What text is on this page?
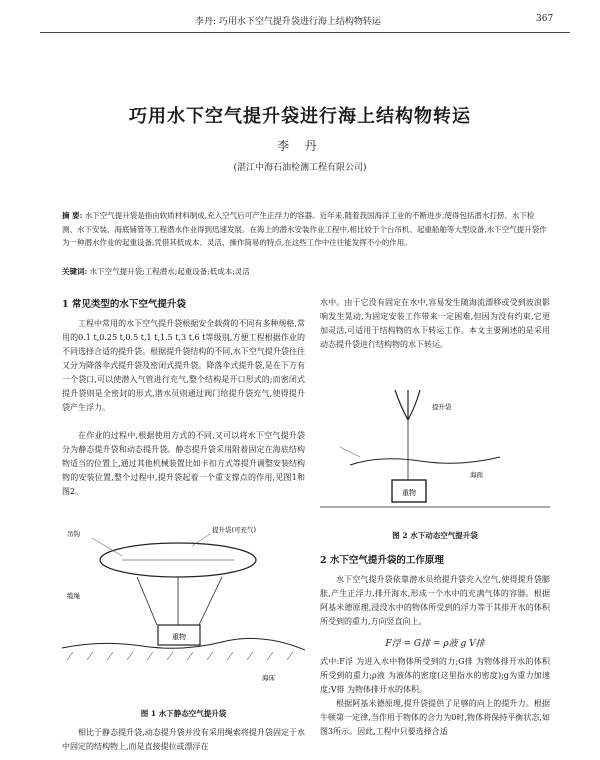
李丹: 巧用水下空气提升袋进行海上结构物转运	367
巧用水下空气提升袋进行海上结构物转运
李 丹
(湛江中海石油检测工程有限公司)
摘 要: 水下空气提升袋是指由软质材料制成,充入空气后可产生正浮力的容器。近年来,随着我国海洋工业的不断进步,使得包括潜水打捞、水下检测、水下安装、海底铺管等工程潜水作业得到迅速发展。在海上的潜水安装作业工程中,相比较于个台吊机、起重船舶等大型设备,水下空气提升袋作为一种潜水作业的起重设备,凭借其低成本、灵活、操作简易的特点,在这些工作中往往能发挥不小的作用。
关键词: 水下空气提升袋;工程潜水;起重设备;低成本;灵活
1 常见类型的水下空气提升袋
工程中常用的水下空气提升袋根据安全载荷的不同有多种规格,常用的0.1 t,0.25 t,0.5 t,1 t,1.5 t,3 t,6 t等级别,方便工程根据作业的不同选择合适的提升袋。根据提升袋结构的不同,水下空气提升袋往往又分为降落伞式提升袋及密闭式提升袋。降落伞式提升袋,是在下方有一个袋口,可以使潜入气管进行充气,整个结构是开口形式的;而密闭式提升袋则是全密封的形式,潜水员则通过阀门给提升袋充气,使得提升袋产生浮力。
在作业的过程中,根据使用方式的不同,又可以将水下空气提升袋分为静态提升袋和动态提升袋。静态提升袋采用附着固定在海底结构物适当的位置上,通过其他机械装置比如卡扣方式等提升调整安装结构物的安装位置,整个过程中,提升袋起着一个重支撑点的作用,见图1和图2。
重物
提升袋(可充气)
吊钩
缆绳
海床
图 1 水下静态空气提升袋
相比于静态提升袋,动态提升袋并没有采用绳索将提升袋固定于水中固定的结构物上,而是直接提拉或漂浮在
水中。由于它没有固定在水中,容易发生随海流漂移或受到波浪影响发生晃动,为固定安装工作带来一定困难,但因为没有约束,它更加灵活,可适用于结构物的水下转运工作。本文主要阐述的是采用动态提升袋进行结构物的水下转运。
重物
提升袋
海面
图 2 水下动态空气提升袋
2 水下空气提升袋的工作原理
水下空气提升袋依靠潜水员给提升袋充入空气,使得提升袋膨胀,产生正浮力,排开海水,形成一个水中的充满气体的容器。根据阿基米德原理,浸没水中的物体所受到的浮力等于其排开水的体积所受到的重力,方向竖直向上。
F浮 = G排 = ρ液 g V排
式中:F浮 为进入水中物体所受到的力;G排 为物体排开水的体积所受到的重力;ρ液 为液体的密度(这里指水的密度);g为重力加速度;V排 为物体排开水的体积。
根据阿基米德原理,提升袋提供了足够的向上的提升力。根据牛顿第一定律,当作用于物体的合力为0时,物体将保持平衡状态,如图3所示。因此,工程中只要选择合适
